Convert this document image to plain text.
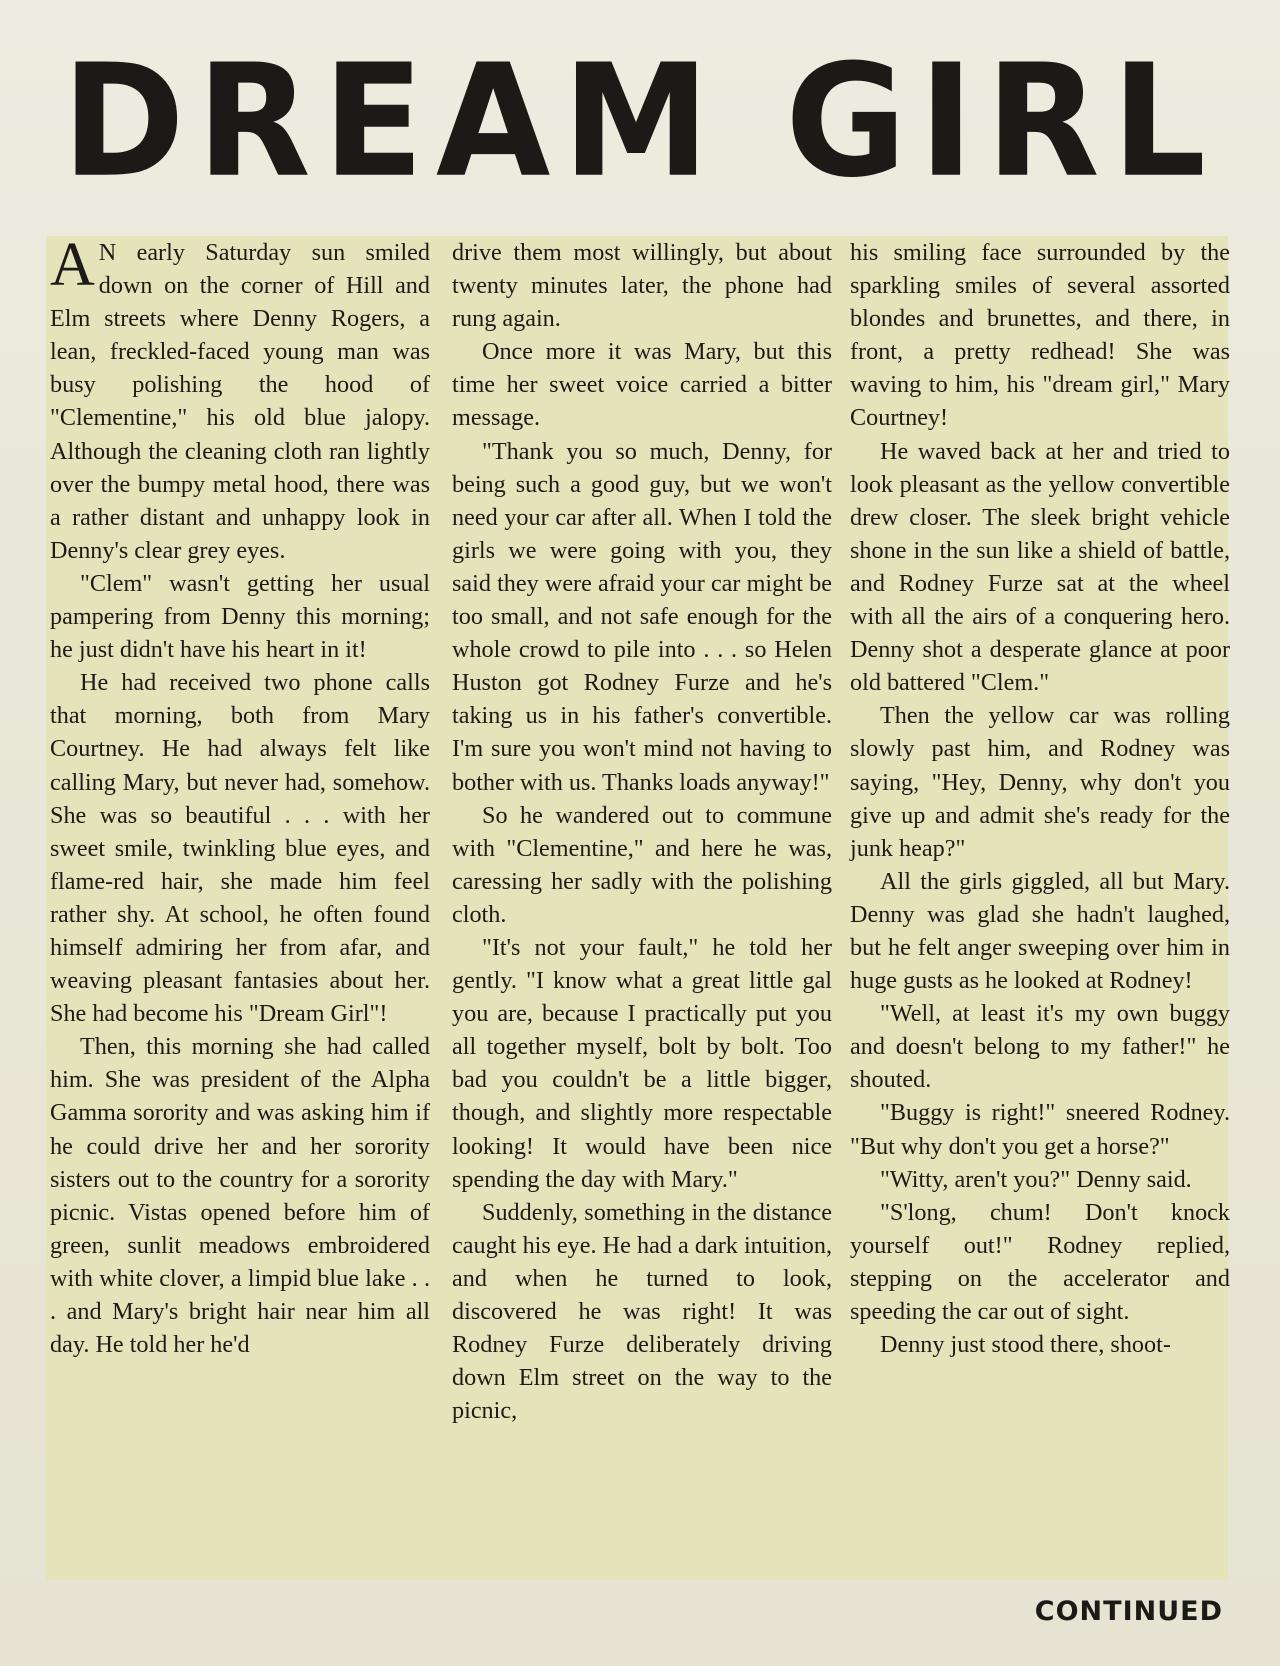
DREAM GIRL

A N early Saturday sun smiled down on the corner of Hill and Elm streets where Denny Rogers, a lean, freckled-faced young man was busy polishing the hood of "Clementine," his old blue jalopy. Although the cleaning cloth ran lightly over the bumpy metal hood, there was a rather distant and unhappy look in Denny's clear grey eyes.

"Clem" wasn't getting her usual pampering from Denny this morning; he just didn't have his heart in it!

He had received two phone calls that morning, both from Mary Courtney. He had always felt like calling Mary, but never had, somehow. She was so beautiful . . . with her sweet smile, twinkling blue eyes, and flame-red hair, she made him feel rather shy. At school, he often found himself admiring her from afar, and weaving pleasant fantasies about her. She had become his "Dream Girl"!

Then, this morning she had called him. She was president of the Alpha Gamma sorority and was asking him if he could drive her and her sorority sisters out to the country for a sorority picnic. Vistas opened before him of green, sunlit meadows embroidered with white clover, a limpid blue lake . . . and Mary's bright hair near him all day. He told her he'd

drive them most willingly, but about twenty minutes later, the phone had rung again.

Once more it was Mary, but this time her sweet voice carried a bitter message.

"Thank you so much, Denny, for being such a good guy, but we won't need your car after all. When I told the girls we were going with you, they said they were afraid your car might be too small, and not safe enough for the whole crowd to pile into . . . so Helen Huston got Rodney Furze and he's taking us in his father's convertible. I'm sure you won't mind not having to bother with us. Thanks loads anyway!"

So he wandered out to commune with "Clementine," and here he was, caressing her sadly with the polishing cloth.

"It's not your fault," he told her gently. "I know what a great little gal you are, because I practically put you all together myself, bolt by bolt. Too bad you couldn't be a little bigger, though, and slightly more respectable looking! It would have been nice spending the day with Mary."

Suddenly, something in the distance caught his eye. He had a dark intuition, and when he turned to look, discovered he was right! It was Rodney Furze deliberately driving down Elm street on the way to the picnic,

his smiling face surrounded by the sparkling smiles of several assorted blondes and brunettes, and there, in front, a pretty redhead! She was waving to him, his "dream girl," Mary Courtney!

He waved back at her and tried to look pleasant as the yellow convertible drew closer. The sleek bright vehicle shone in the sun like a shield of battle, and Rodney Furze sat at the wheel with all the airs of a conquering hero. Denny shot a desperate glance at poor old battered "Clem."

Then the yellow car was rolling slowly past him, and Rodney was saying, "Hey, Denny, why don't you give up and admit she's ready for the junk heap?"

All the girls giggled, all but Mary. Denny was glad she hadn't laughed, but he felt anger sweeping over him in huge gusts as he looked at Rodney!

"Well, at least it's my own buggy and doesn't belong to my father!" he shouted.

"Buggy is right!" sneered Rodney. "But why don't you get a horse?"

"Witty, aren't you?" Denny said.

"S'long, chum! Don't knock yourself out!" Rodney replied, stepping on the accelerator and speeding the car out of sight.

Denny just stood there, shoot-

CONTINUED
